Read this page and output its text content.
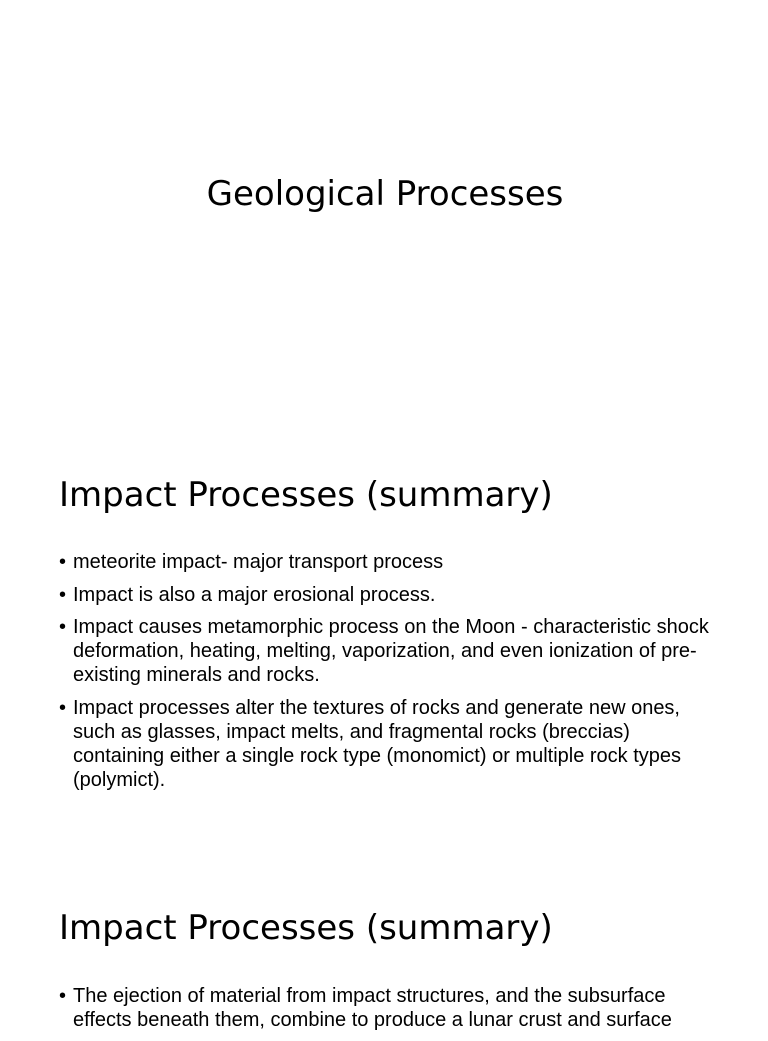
Geological Processes
Impact Processes (summary)
• meteorite impact- major transport process
• Impact is also a major erosional process.
• Impact causes metamorphic process on the Moon - characteristic shock deformation, heating, melting, vaporization, and even ionization of pre-existing minerals and rocks.
• Impact processes alter the textures of rocks and generate new ones, such as glasses, impact melts, and fragmental rocks (breccias) containing either a single rock type (monomict) or multiple rock types (polymict).
Impact Processes (summary)
• The ejection of material from impact structures, and the subsurface effects beneath them, combine to produce a lunar crust and surface
